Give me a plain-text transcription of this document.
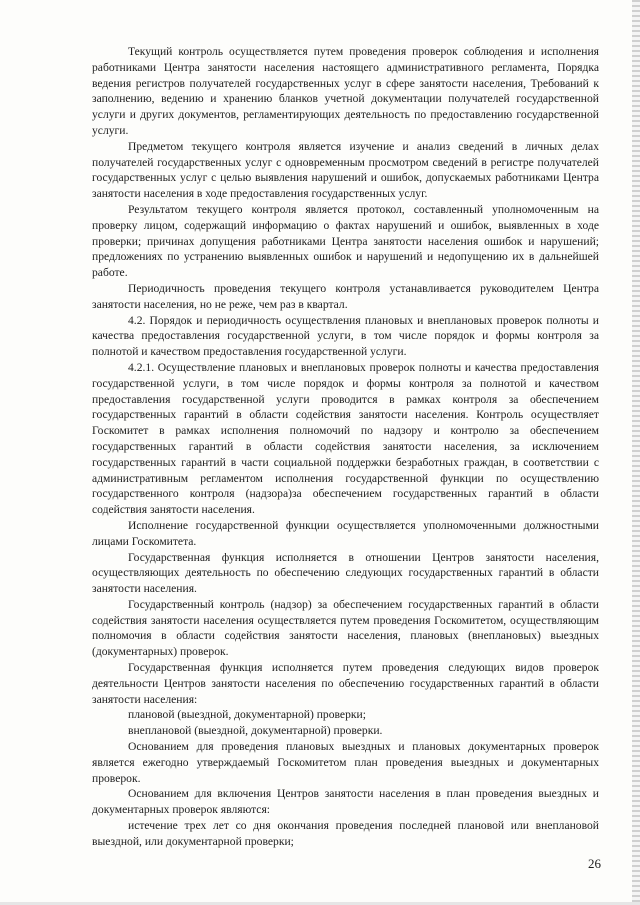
Текущий контроль осуществляется путем проведения проверок соблюдения и исполнения работниками Центра занятости населения настоящего административного регламента, Порядка ведения регистров получателей государственных услуг в сфере занятости населения, Требований к заполнению, ведению и хранению бланков учетной документации получателей государственной услуги и других документов, регламентирующих деятельность по предоставлению государственной услуги.

Предметом текущего контроля является изучение и анализ сведений в личных делах получателей государственных услуг с одновременным просмотром сведений в регистре получателей государственных услуг с целью выявления нарушений и ошибок, допускаемых работниками Центра занятости населения в ходе предоставления государственных услуг.

Результатом текущего контроля является протокол, составленный уполномоченным на проверку лицом, содержащий информацию о фактах нарушений и ошибок, выявленных в ходе проверки; причинах допущения работниками Центра занятости населения ошибок и нарушений; предложениях по устранению выявленных ошибок и нарушений и недопущению их в дальнейшей работе.

Периодичность проведения текущего контроля устанавливается руководителем Центра занятости населения, но не реже, чем раз в квартал.

4.2. Порядок и периодичность осуществления плановых и внеплановых проверок полноты и качества предоставления государственной услуги, в том числе порядок и формы контроля за полнотой и качеством предоставления государственной услуги.

4.2.1. Осуществление плановых и внеплановых проверок полноты и качества предоставления государственной услуги, в том числе порядок и формы контроля за полнотой и качеством предоставления государственной услуги проводится в рамках контроля за обеспечением государственных гарантий в области содействия занятости населения. Контроль осуществляет Госкомитет в рамках исполнения полномочий по надзору и контролю за обеспечением государственных гарантий в области содействия занятости населения, за исключением государственных гарантий в части социальной поддержки безработных граждан, в соответствии с административным регламентом исполнения государственной функции по осуществлению государственного контроля (надзора)за обеспечением государственных гарантий в области содействия занятости населения.

Исполнение государственной функции осуществляется уполномоченными должностными лицами Госкомитета.

Государственная функция исполняется в отношении Центров занятости населения, осуществляющих деятельность по обеспечению следующих государственных гарантий в области занятости населения.

Государственный контроль (надзор) за обеспечением государственных гарантий в области содействия занятости населения осуществляется путем проведения Госкомитетом, осуществляющим полномочия в области содействия занятости населения, плановых (внеплановых) выездных (документарных) проверок.

Государственная функция исполняется путем проведения следующих видов проверок деятельности Центров занятости населения по обеспечению государственных гарантий в области занятости населения:

плановой (выездной, документарной) проверки;

внеплановой (выездной, документарной) проверки.

Основанием для проведения плановых выездных и плановых документарных проверок является ежегодно утверждаемый Госкомитетом план проведения выездных и документарных проверок.

Основанием для включения Центров занятости населения в план проведения выездных и документарных проверок являются:

истечение трех лет со дня окончания проведения последней плановой или внеплановой выездной, или документарной проверки;

26
